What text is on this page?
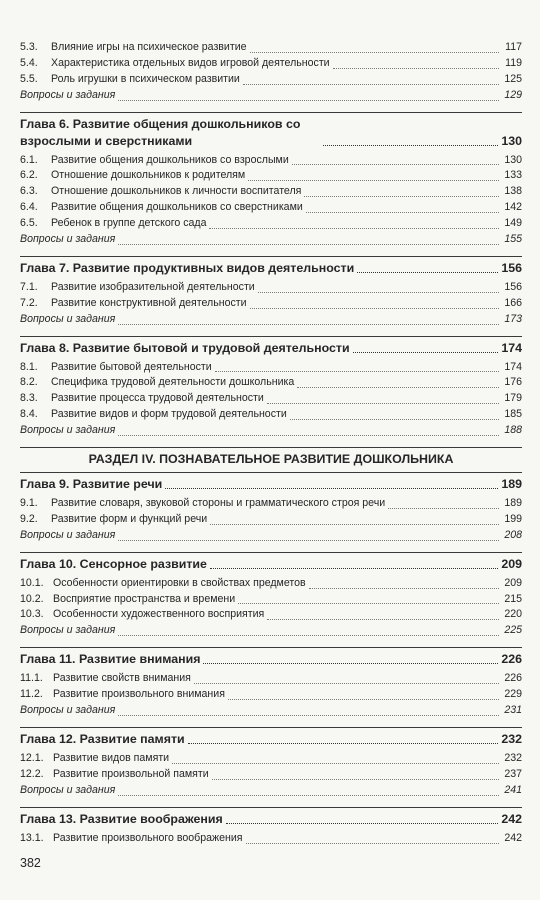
5.3.	Влияние игры на психическое развитие	117
5.4.	Характеристика отдельных видов игровой деятельности	119
5.5.	Роль игрушки в психическом развитии	125
Вопросы и задания	129
Глава 6. Развитие общения дошкольников со взрослыми и сверстниками	130
6.1.	Развитие общения дошкольников со взрослыми	130
6.2.	Отношение дошкольников к родителям	133
6.3.	Отношение дошкольников к личности воспитателя	138
6.4.	Развитие общения дошкольников со сверстниками	142
6.5.	Ребенок в группе детского сада	149
Вопросы и задания	155
Глава 7. Развитие продуктивных видов деятельности	156
7.1.	Развитие изобразительной деятельности	156
7.2.	Развитие конструктивной деятельности	166
Вопросы и задания	173
Глава 8. Развитие бытовой и трудовой деятельности	174
8.1.	Развитие бытовой деятельности	174
8.2.	Специфика трудовой деятельности дошкольника	176
8.3.	Развитие процесса трудовой деятельности	179
8.4.	Развитие видов и форм трудовой деятельности	185
Вопросы и задания	188
РАЗДЕЛ IV. ПОЗНАВАТЕЛЬНОЕ РАЗВИТИЕ ДОШКОЛЬНИКА
Глава 9. Развитие речи	189
9.1.	Развитие словаря, звуковой стороны и грамматического строя речи	189
9.2.	Развитие форм и функций речи	199
Вопросы и задания	208
Глава 10. Сенсорное развитие	209
10.1. Особенности ориентировки в свойствах предметов	209
10.2. Восприятие пространства и времени	215
10.3. Особенности художественного восприятия	220
Вопросы и задания	225
Глава 11. Развитие внимания	226
11.1. Развитие свойств внимания	226
11.2. Развитие произвольного внимания	229
Вопросы и задания	231
Глава 12. Развитие памяти	232
12.1. Развитие видов памяти	232
12.2. Развитие произвольной памяти	237
Вопросы и задания	241
Глава 13. Развитие воображения	242
13.1. Развитие произвольного воображения	242
382
